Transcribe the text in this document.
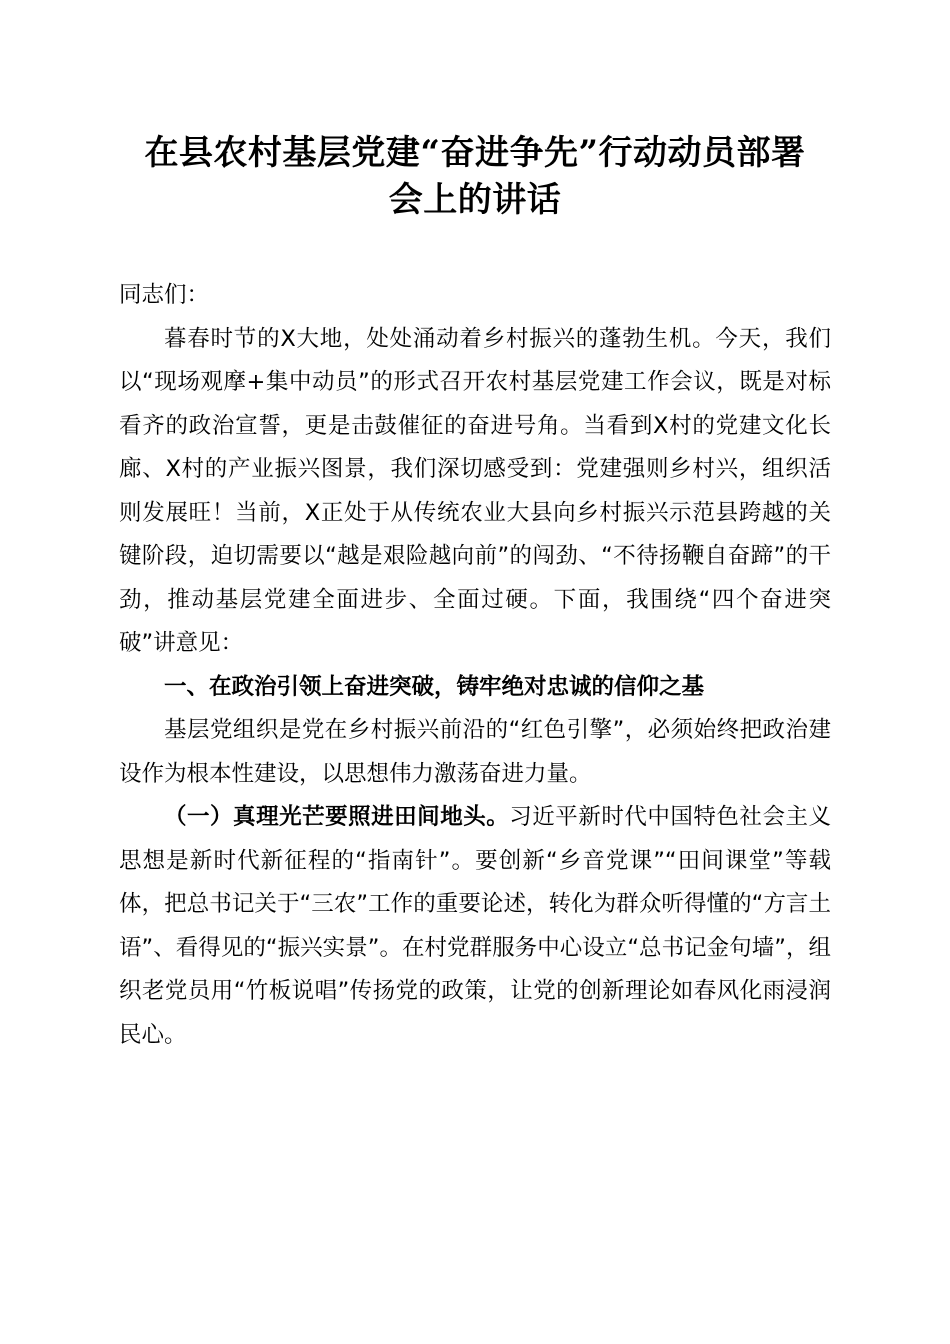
在县农村基层党建“奋进争先”行动动员部署
会上的讲话

同志们：

暮春时节的X大地，处处涌动着乡村振兴的蓬勃生机。今天，我们以“现场观摩+集中动员”的形式召开农村基层党建工作会议，既是对标看齐的政治宣誓，更是击鼓催征的奋进号角。当看到X村的党建文化长廊、X村的产业振兴图景，我们深切感受到：党建强则乡村兴，组织活则发展旺！当前，X正处于从传统农业大县向乡村振兴示范县跨越的关键阶段，迫切需要以“越是艰险越向前”的闯劲、“不待扬鞭自奋蹄”的干劲，推动基层党建全面进步、全面过硬。下面，我围绕“四个奋进突破”讲意见：

一、在政治引领上奋进突破，铸牢绝对忠诚的信仰之基

基层党组织是党在乡村振兴前沿的“红色引擎”，必须始终把政治建设作为根本性建设，以思想伟力激荡奋进力量。

（一）真理光芒要照进田间地头。习近平新时代中国特色社会主义思想是新时代新征程的“指南针”。要创新“乡音党课”“田间课堂”等载体，把总书记关于“三农”工作的重要论述，转化为群众听得懂的“方言土语”、看得见的“振兴实景”。在村党群服务中心设立“总书记金句墙”，组织老党员用“竹板说唱”传扬党的政策，让党的创新理论如春风化雨浸润民心。
